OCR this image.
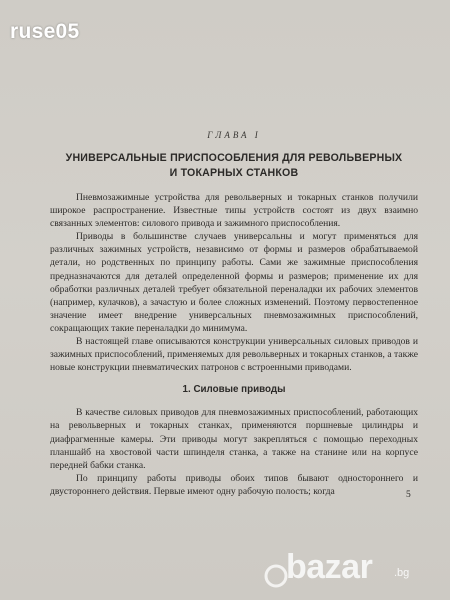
ruse05
ГЛАВА I
УНИВЕРСАЛЬНЫЕ ПРИСПОСОБЛЕНИЯ ДЛЯ РЕВОЛЬВЕРНЫХ
И ТОКАРНЫХ СТАНКОВ

Пневмозажимные устройства для револьверных и токарных станков получили широкое распространение. Известные типы устройств состоят из двух взаимно связанных элементов: силового привода и зажимного приспособления.

Приводы в большинстве случаев универсальны и могут применяться для различных зажимных устройств, независимо от формы и размеров обрабатываемой детали, но родственных по принципу работы. Сами же зажимные приспособления предназначаются для деталей определенной формы и размеров; применение их для обработки различных деталей требует обязательной переналадки их рабочих элементов (например, кулачков), а зачастую и более сложных изменений. Поэтому первостепенное значение имеет внедрение универсальных пневмозажимных приспособлений, сокращающих такие переналадки до минимума.

В настоящей главе описываются конструкции универсальных силовых приводов и зажимных приспособлений, применяемых для револьверных и токарных станков, а также новые конструкции пневматических патронов с встроенными приводами.

1. Силовые приводы

В качестве силовых приводов для пневмозажимных приспособлений, работающих на револьверных и токарных станках, применяются поршневые цилиндры и диафрагменные камеры. Эти приводы могут закрепляться с помощью переходных планшайб на хвостовой части шпинделя станка, а также на станине или на корпусе передней бабки станка.

По принципу работы приводы обоих типов бывают одностороннего и двустороннего действия. Первые имеют одну рабочую полость; когда	5
bazar .bg
